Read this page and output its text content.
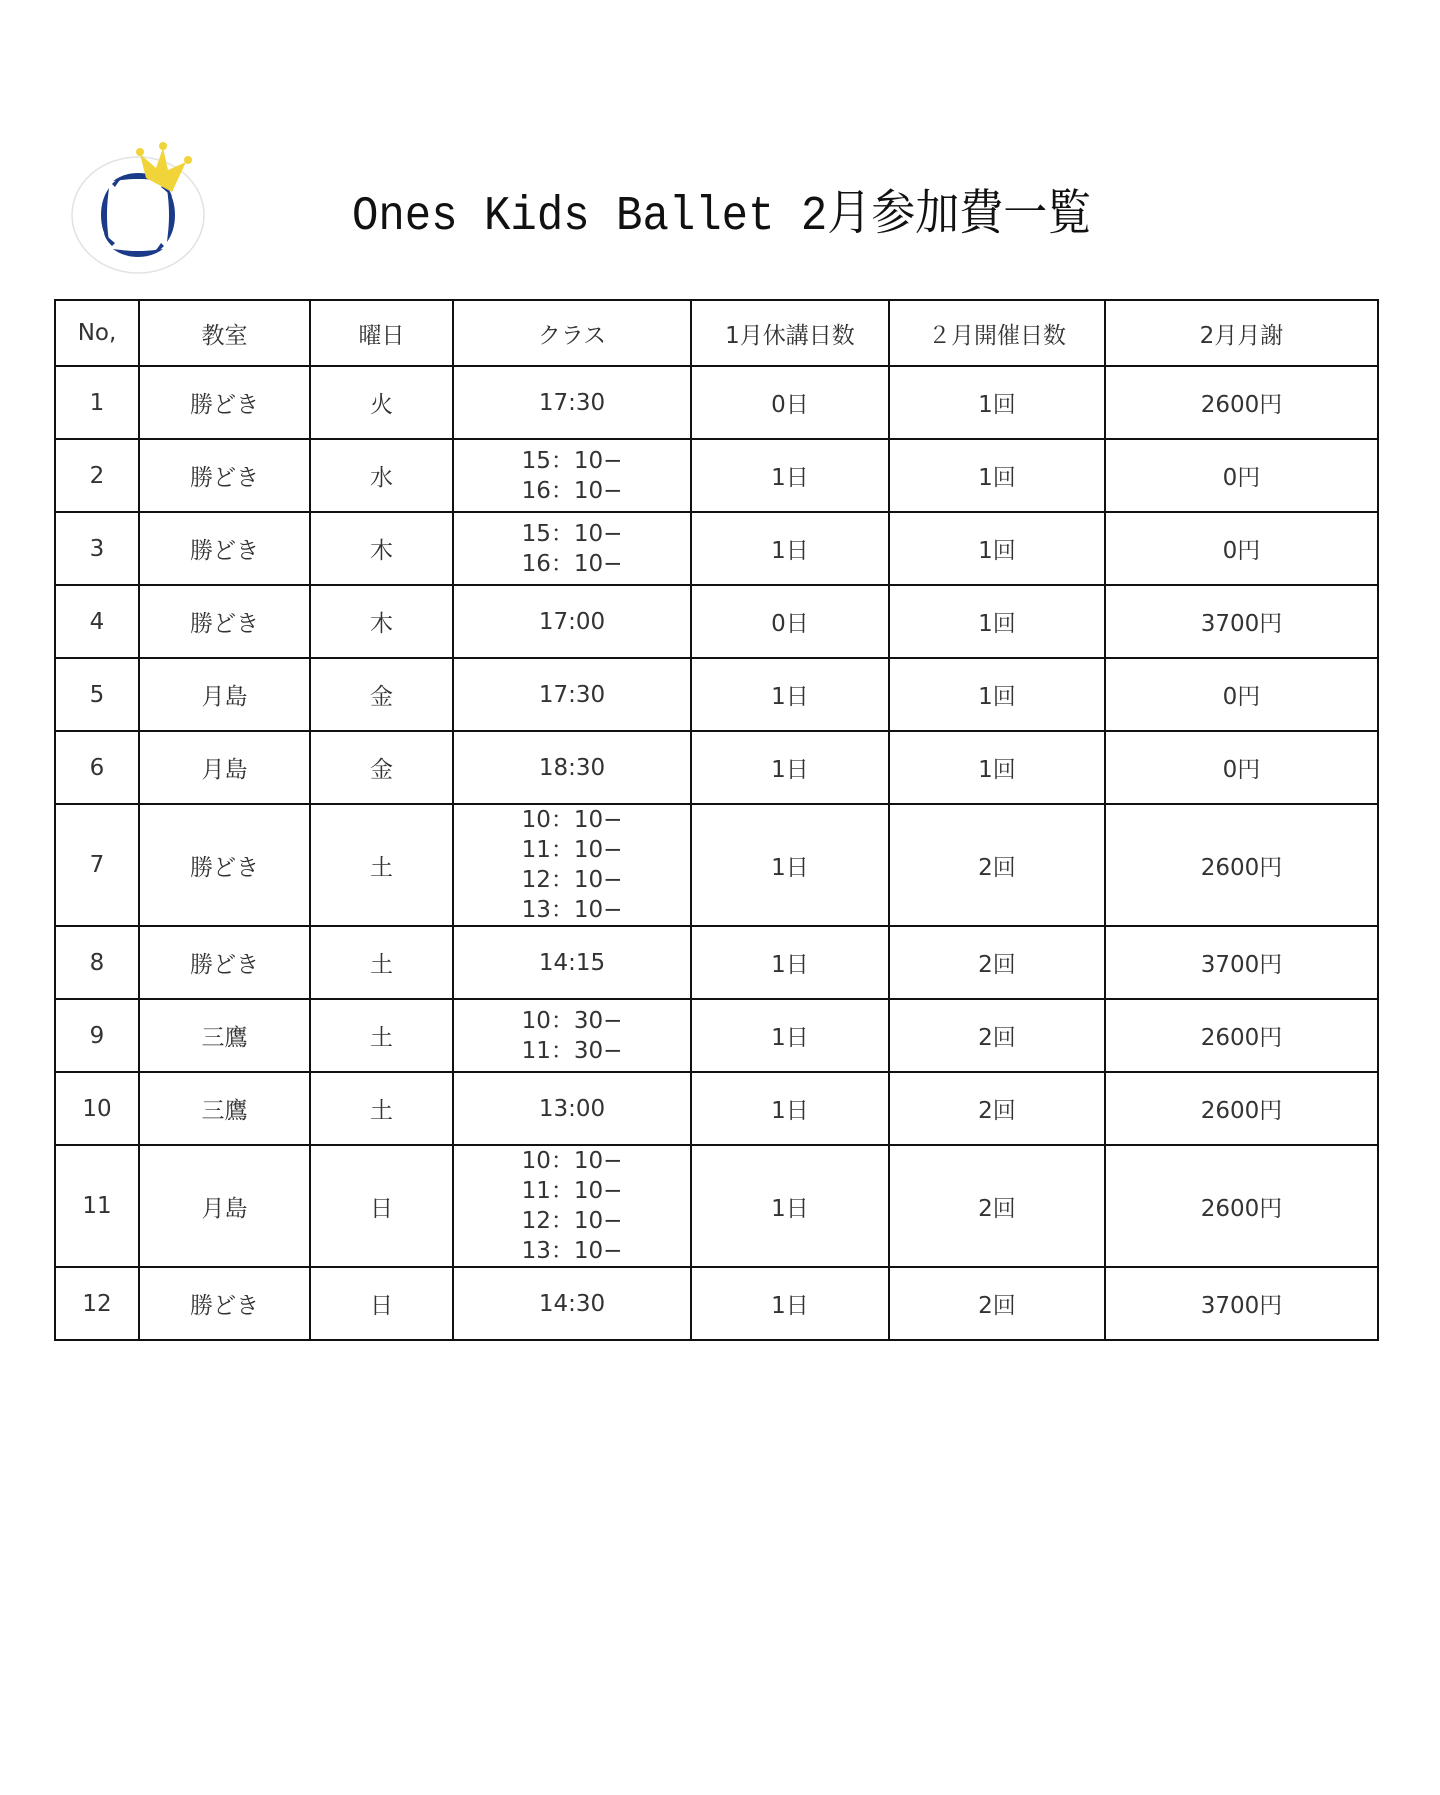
Ones Kids Ballet 2月参加費一覧
No,	教室	曜日	クラス	1月休講日数	２月開催日数	2月月謝
1	勝どき	火	17:30	0日	1回	2600円
2	勝どき	水	15：10−
16：10−	1日	1回	0円
3	勝どき	木	15：10−
16：10−	1日	1回	0円
4	勝どき	木	17:00	0日	1回	3700円
5	月島	金	17:30	1日	1回	0円
6	月島	金	18:30	1日	1回	0円
7	勝どき	土	10：10−
11：10−
12：10−
13：10−	1日	2回	2600円
8	勝どき	土	14:15	1日	2回	3700円
9	三鷹	土	10：30−
11：30−	1日	2回	2600円
10	三鷹	土	13:00	1日	2回	2600円
11	月島	日	10：10−
11：10−
12：10−
13：10−	1日	2回	2600円
12	勝どき	日	14:30	1日	2回	3700円
